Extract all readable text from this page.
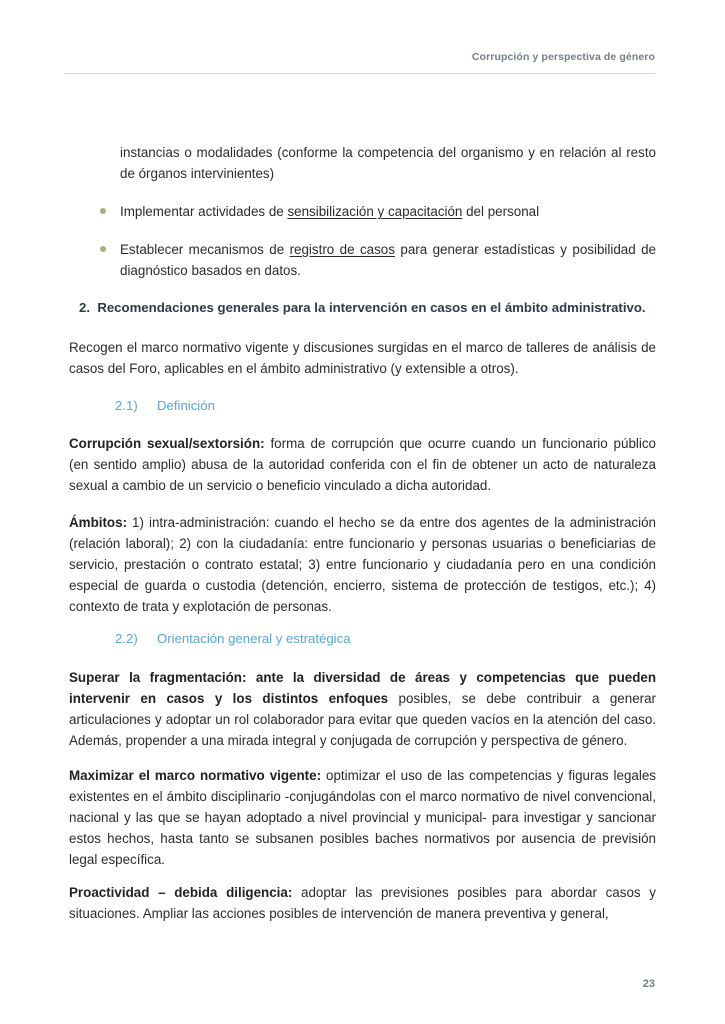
Corrupción y perspectiva de género
instancias o modalidades (conforme la competencia del organismo y en relación al resto de órganos intervinientes)
Implementar actividades de sensibilización y capacitación del personal
Establecer mecanismos de registro de casos para generar estadísticas y posibilidad de diagnóstico basados en datos.
2. Recomendaciones generales para la intervención en casos en el ámbito administrativo.
Recogen el marco normativo vigente y discusiones surgidas en el marco de talleres de análisis de casos del Foro, aplicables en el ámbito administrativo (y extensible a otros).
2.1) Definición
Corrupción sexual/sextorsión: forma de corrupción que ocurre cuando un funcionario público (en sentido amplio) abusa de la autoridad conferida con el fin de obtener un acto de naturaleza sexual a cambio de un servicio o beneficio vinculado a dicha autoridad.
Ámbitos: 1) intra-administración: cuando el hecho se da entre dos agentes de la administración (relación laboral); 2) con la ciudadanía: entre funcionario y personas usuarias o beneficiarias de servicio, prestación o contrato estatal; 3) entre funcionario y ciudadanía pero en una condición especial de guarda o custodia (detención, encierro, sistema de protección de testigos, etc.); 4) contexto de trata y explotación de personas.
2.2) Orientación general y estratégica
Superar la fragmentación: ante la diversidad de áreas y competencias que pueden intervenir en casos y los distintos enfoques posibles, se debe contribuir a generar articulaciones y adoptar un rol colaborador para evitar que queden vacíos en la atención del caso. Además, propender a una mirada integral y conjugada de corrupción y perspectiva de género.
Maximizar el marco normativo vigente: optimizar el uso de las competencias y figuras legales existentes en el ámbito disciplinario -conjugándolas con el marco normativo de nivel convencional, nacional y las que se hayan adoptado a nivel provincial y municipal- para investigar y sancionar estos hechos, hasta tanto se subsanen posibles baches normativos por ausencia de previsión legal específica.
Proactividad – debida diligencia: adoptar las previsiones posibles para abordar casos y situaciones. Ampliar las acciones posibles de intervención de manera preventiva y general,
23
